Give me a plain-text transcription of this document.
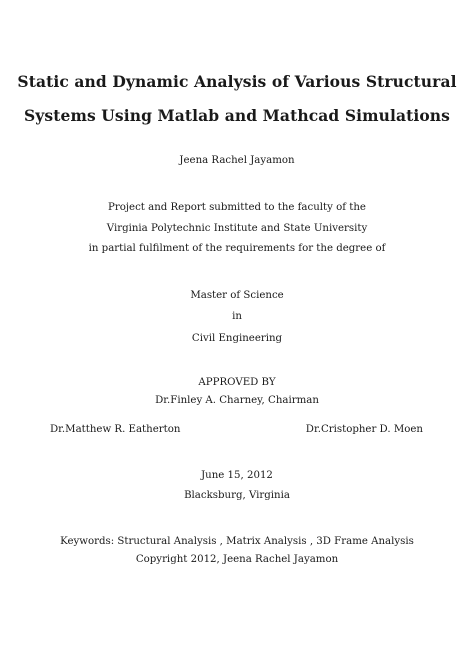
Static and Dynamic Analysis of Various Structural
Systems Using Matlab and Mathcad Simulations
Jeena Rachel Jayamon
Project and Report submitted to the faculty of the
Virginia Polytechnic Institute and State University
in partial fulfilment of the requirements for the degree of
Master of Science
in
Civil Engineering
APPROVED BY
Dr.Finley A. Charney, Chairman
Dr.Matthew R. Eatherton	Dr.Cristopher D. Moen
June 15, 2012
Blacksburg, Virginia
Keywords: Structural Analysis , Matrix Analysis , 3D Frame Analysis
Copyright 2012, Jeena Rachel Jayamon
